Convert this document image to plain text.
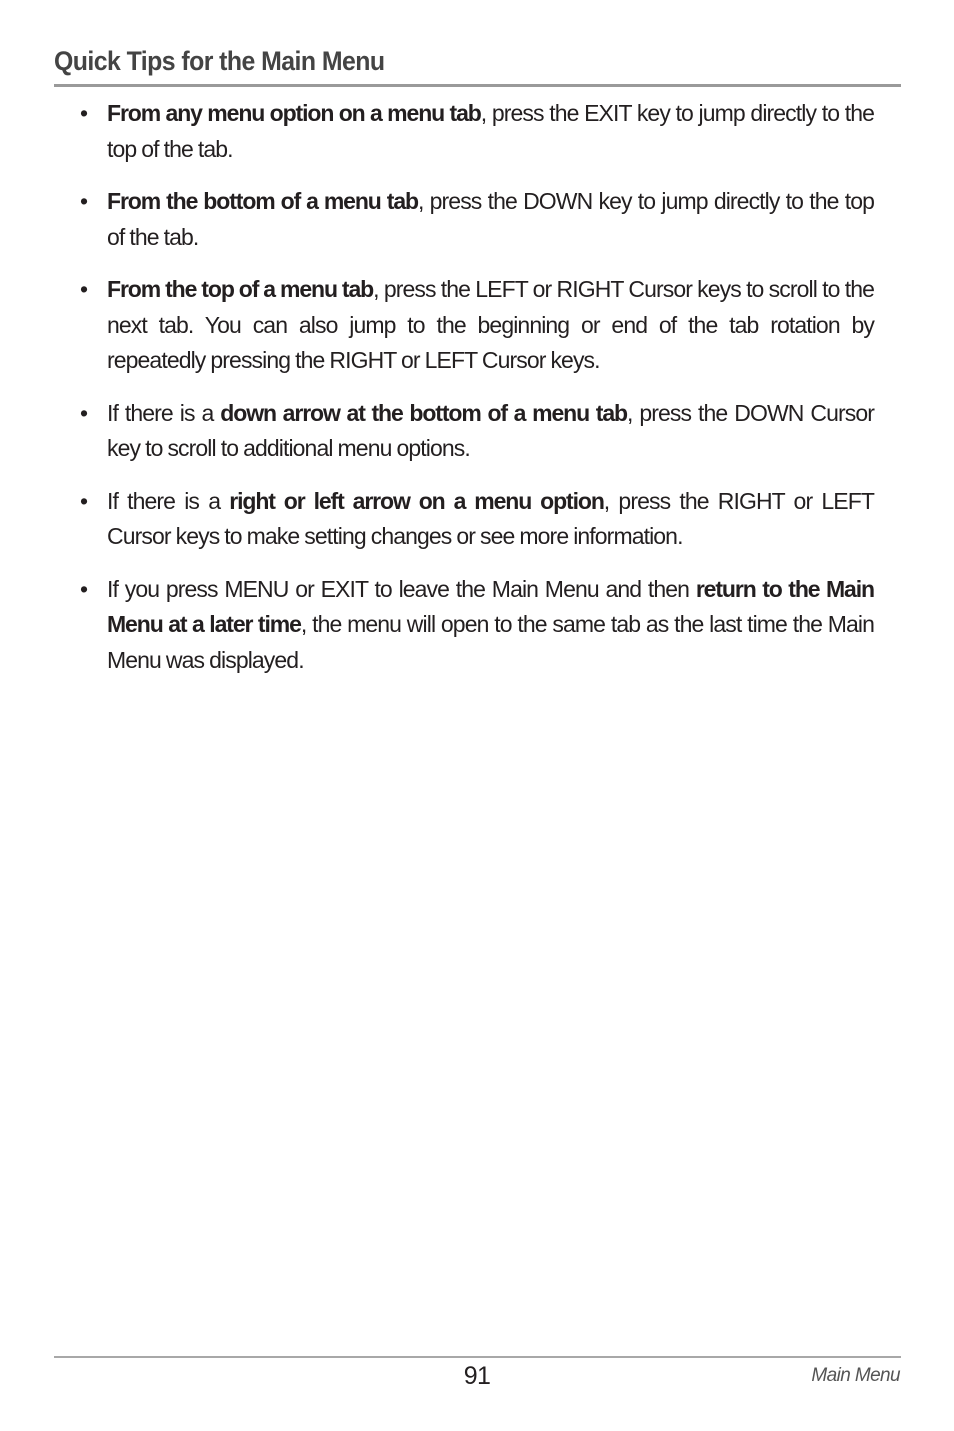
Quick Tips for the Main Menu
• From any menu option on a menu tab, press the EXIT key to jump directly to the top of the tab.
• From the bottom of a menu tab, press the DOWN key to jump directly to the top of the tab.
• From the top of a menu tab, press the LEFT or RIGHT Cursor keys to scroll to the next tab. You can also jump to the beginning or end of the tab rotation by repeatedly pressing the RIGHT or LEFT Cursor keys.
• If there is a down arrow at the bottom of a menu tab, press the DOWN Cursor key to scroll to additional menu options.
• If there is a right or left arrow on a menu option, press the RIGHT or LEFT Cursor keys to make setting changes or see more information.
• If you press MENU or EXIT to leave the Main Menu and then return to the Main Menu at a later time, the menu will open to the same tab as the last time the Main Menu was displayed.
91	Main Menu
